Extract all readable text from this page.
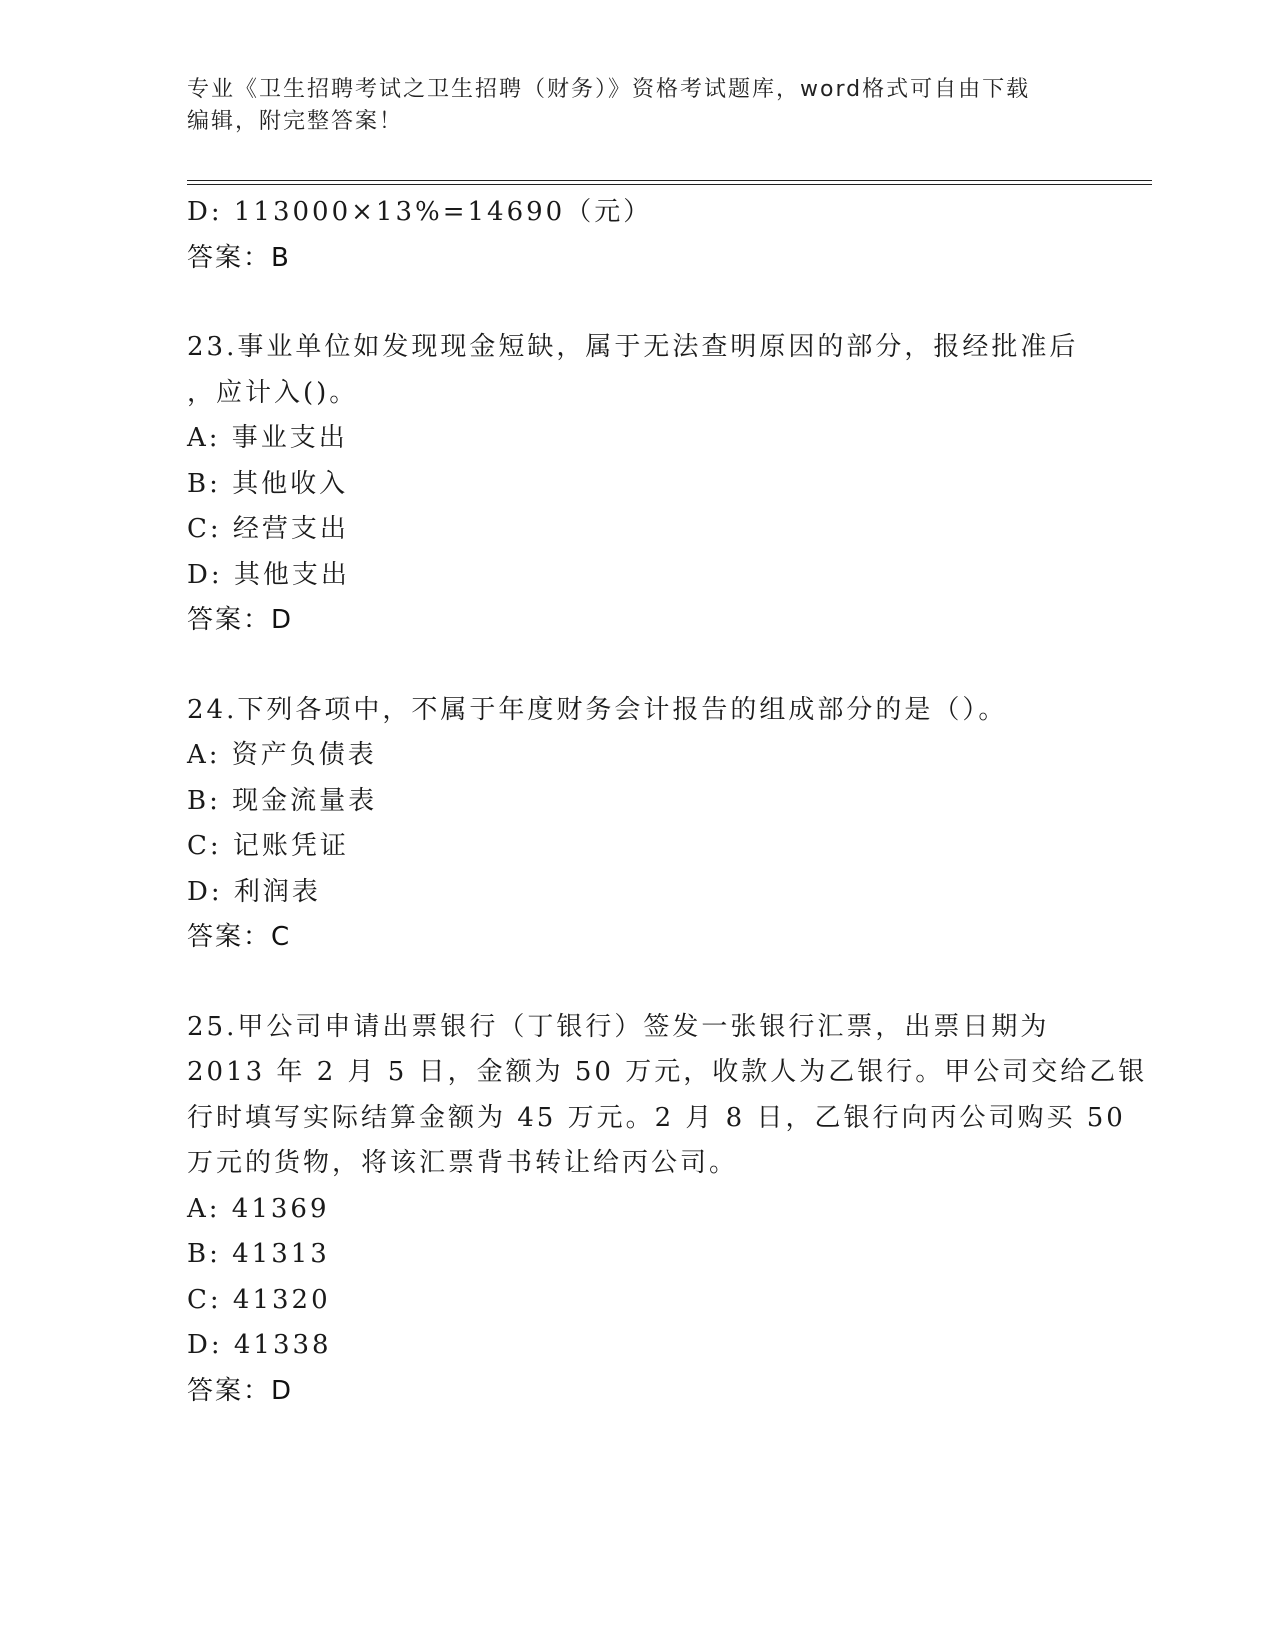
专业《卫生招聘考试之卫生招聘（财务）》资格考试题库，word格式可自由下载
编辑，附完整答案！
D: 113000×13%=14690（元）
答案：B
23.事业单位如发现现金短缺，属于无法查明原因的部分，报经批准后
，应计入()。
A: 事业支出
B: 其他收入
C: 经营支出
D: 其他支出
答案：D
24.下列各项中，不属于年度财务会计报告的组成部分的是（）。
A: 资产负债表
B: 现金流量表
C: 记账凭证
D: 利润表
答案：C
25.甲公司申请出票银行（丁银行）签发一张银行汇票，出票日期为
2013 年 2 月 5 日，金额为 50 万元，收款人为乙银行。甲公司交给乙银
行时填写实际结算金额为 45 万元。2 月 8 日，乙银行向丙公司购买 50
万元的货物，将该汇票背书转让给丙公司。
A: 41369
B: 41313
C: 41320
D: 41338
答案：D
